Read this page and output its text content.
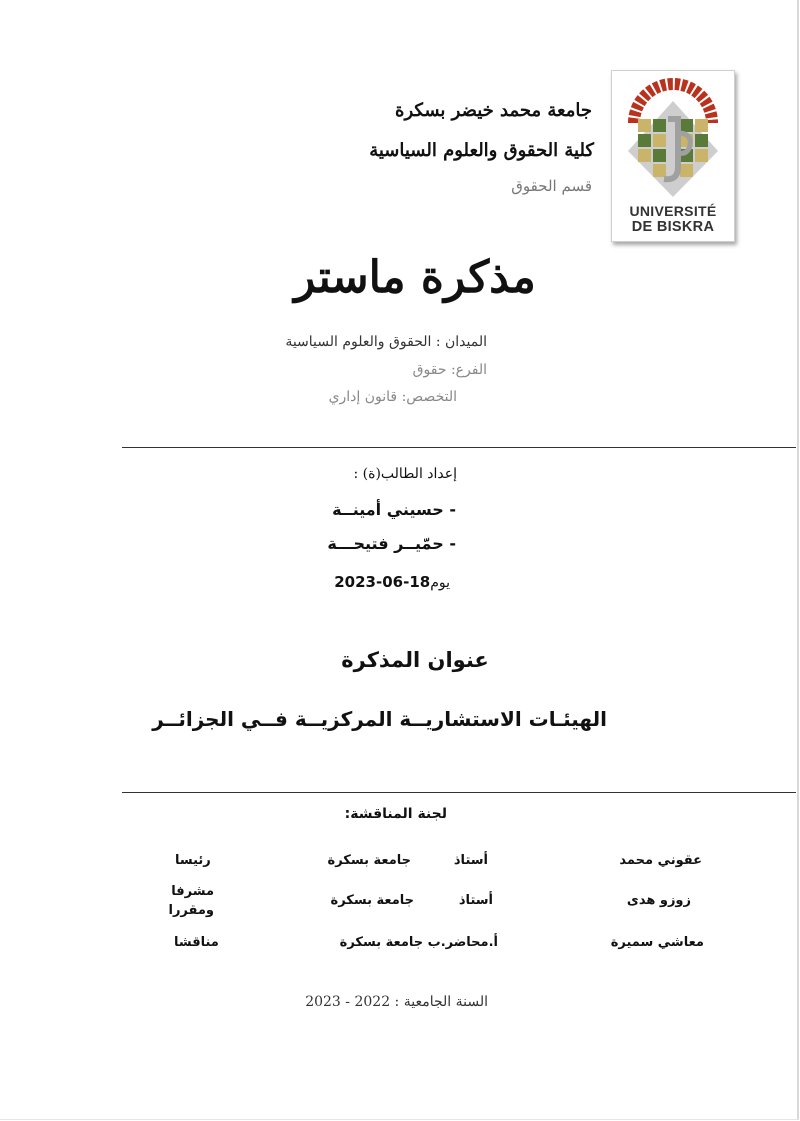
UNIVERSITÉ
DE BISKRA
جامعة محمد خيضر بسكرة
كلية الحقوق والعلوم السياسية
قسم الحقوق
مذكرة ماستر
الميدان : الحقوق والعلوم السياسية
الفرع: حقوق
التخصص: قانون إداري
إعداد الطالب(ة) :
- حسيني أمينــة
- حمّيــر فتيحـــة
يوم18-06-2023
عنوان المذكرة
الهيئـات الاستشاريــة المركزيــة فــي الجزائــر
لجنة المناقشة:
عقوني محمد
أستاذ
جامعة بسكرة
رئيسا
زوزو هدى
أستاذ
جامعة بسكرة
مشرفا
ومقررا
معاشي سميرة
أ.محاضر.ب جامعة بسكرة
مناقشا
السنة الجامعية : 2022 - 2023
